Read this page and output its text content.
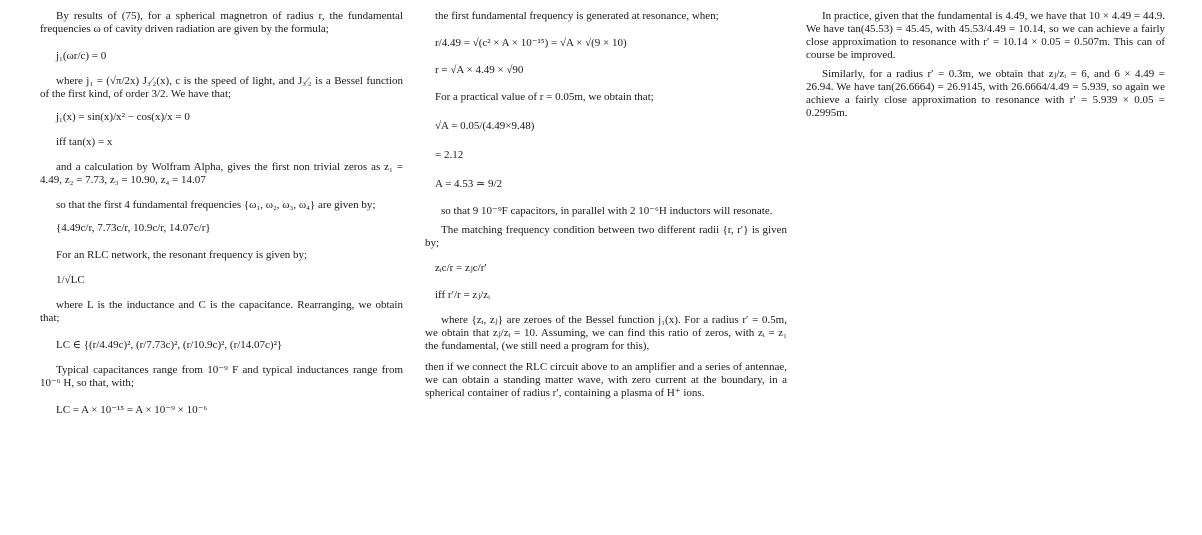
By results of (75), for a spherical magnetron of radius r, the fundamental frequencies ω of cavity driven radiation are given by the formula;

j₁(ωr/c) = 0

where j₁ = (√π/2x) J₃⁄₂(x), c is the speed of light, and J₃⁄₂ is a Bessel function of the first kind, of order 3/2. We have that;

j₁(x) = sin(x)/x² − cos(x)/x = 0
iff tan(x) = x

and a calculation by Wolfram Alpha, gives the first non trivial zeros as z₁ = 4.49, z₂ = 7.73, z₃ = 10.90, z₄ = 14.07

so that the first 4 fundamental frequencies {ω₁, ω₂, ω₃, ω₄} are given by;

{4.49c/r, 7.73c/r, 10.9c/r, 14.07c/r}

For an RLC network, the resonant frequency is given by;

1/√LC

where L is the inductance and C is the capacitance. Rearranging, we obtain that;

LC ∈ {(r/4.49c)², (r/7.73c)², (r/10.9c)², (r/14.07c)²}

Typical capacitances range from 10⁻⁹ F and typical inductances range from 10⁻⁶ H, so that, with;

LC = A × 10⁻¹⁵ = A × 10⁻⁹ × 10⁻⁶

the first fundamental frequency is generated at resonance, when;

r/4.49 = √(c² × A × 10⁻¹⁵) = √A × √(9 × 10)
r = √A × 4.49 × √90

For a practical value of r = 0.05m, we obtain that;

√A = 0.05/(4.49×9.48)
= 2.12
A = 4.53 ≃ 9/2

so that 9 10⁻⁹F capacitors, in parallel with 2 10⁻⁶H inductors will resonate.

The matching frequency condition between two different radii {r, r′} is given by;

zᵢc/r = zⱼc/r′
iff r′/r = zⱼ/zᵢ

where {zᵢ, zⱼ} are zeroes of the Bessel function j₁(x). For a radius r′ = 0.5m, we obtain that zⱼ/zᵢ = 10. Assuming, we can find this ratio of zeros, with zᵢ = z₁ the fundamental, (we still need a program for this),

then if we connect the RLC circuit above to an amplifier and a series of antennae, we can obtain a standing matter wave, with zero current at the boundary, in a spherical container of radius r′, containing a plasma of H⁺ ions.

In practice, given that the fundamental is 4.49, we have that 10 × 4.49 = 44.9. We have tan(45.53) = 45.45, with 45.53/4.49 = 10.14, so we can achieve a fairly close approximation to resonance with r′ = 10.14 × 0.05 = 0.507m. This can of course be improved.

Similarly, for a radius r′ = 0.3m, we obtain that zⱼ/zᵢ = 6, and 6 × 4.49 = 26.94. We have tan(26.6664) = 26.9145, with 26.6664/4.49 = 5.939, so again we achieve a fairly close approximation to resonance with r′ = 5.939 × 0.05 = 0.2995m.
